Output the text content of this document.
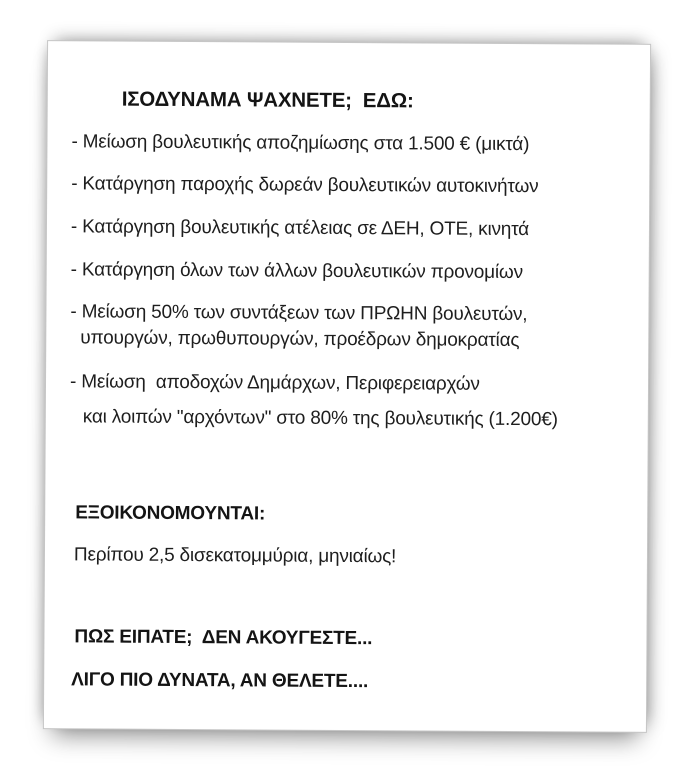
ΙΣΟΔΥΝΑΜΑ ΨΑΧΝΕΤΕ;  ΕΔΩ:
- Μείωση βουλευτικής αποζημίωσης στα 1.500 € (μικτά)
- Κατάργηση παροχής δωρεάν βουλευτικών αυτοκινήτων
- Κατάργηση βουλευτικής ατέλειας σε ΔΕΗ, ΟΤΕ, κινητά
- Κατάργηση όλων των άλλων βουλευτικών προνομίων
- Μείωση 50% των συντάξεων των ΠΡΩΗΝ βουλευτών,
υπουργών, πρωθυπουργών, προέδρων δημοκρατίας
- Μείωση  αποδοχών Δημάρχων, Περιφερειαρχών
και λοιπών "αρχόντων" στο 80% της βουλευτικής (1.200€)
ΕΞΟΙΚΟΝΟΜΟΥΝΤΑΙ:
Περίπου 2,5 δισεκατομμύρια, μηνιαίως!
ΠΩΣ ΕΙΠΑΤΕ;  ΔΕΝ ΑΚΟΥΓΕΣΤΕ...
ΛΙΓΟ ΠΙΟ ΔΥΝΑΤΑ, ΑΝ ΘΕΛΕΤΕ....
